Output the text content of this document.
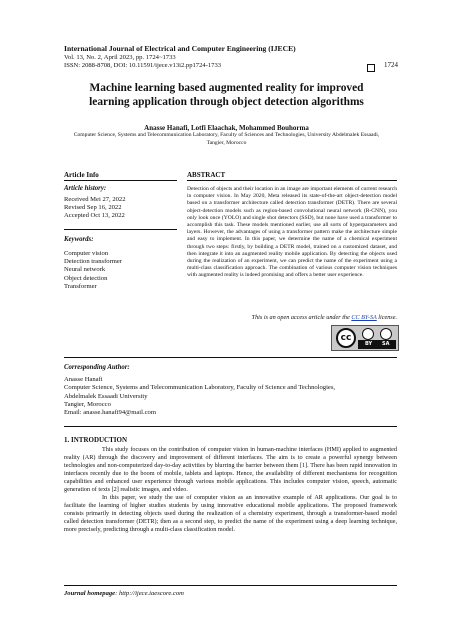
International Journal of Electrical and Computer Engineering (IJECE)
Vol. 13, No. 2, April 2023, pp. 1724~1733
ISSN: 2088-8708, DOI: 10.11591/ijece.v13i2.pp1724-1733	1724
Machine learning based augmented reality for improved
learning application through object detection algorithms
Anasse Hanafi, Lotfi Elaachak, Mohammed Bouhorma
Computer Science, Systems and Telecommunication Laboratory, Faculty of Sciences and Technologies, University Abdelmalek Essaadi,
Tangier, Morocco
Article Info
Article history:
Received Mei 27, 2022
Revised Sep 16, 2022
Accepted Oct 13, 2022
Keywords:
Computer vision
Detection transformer
Neural network
Object detection
Transformer
ABSTRACT
Detection of objects and their location in an image are important elements of current research in computer vision. In May 2020, Meta released its state-of-the-art object-detection model based on a transformer architecture called detection transformer (DETR). There are several object-detection models such as region-based convolutional neural network (R-CNN), you only look once (YOLO) and single shot detectors (SSD), but none have used a transformer to accomplish this task. These models mentioned earlier, use all sorts of hyperparameters and layers. However, the advantages of using a transformer pattern make the architecture simple and easy to implement. In this paper, we determine the name of a chemical experiment through two steps: firstly, by building a DETR model, trained on a customized dataset, and then integrate it into an augmented reality mobile application. By detecting the objects used during the realization of an experiment, we can predict the name of the experiment using a multi-class classification approach. The combination of various computer vision techniques with augmented reality is indeed promising and offers a better user experience.
This is an open access article under the CC BY-SA license.
cc
BY SA
Corresponding Author:
Anasse Hanafi
Computer Science, Systems and Telecommunication Laboratory, Faculty of Science and Technologies,
Abdelmalek Essaadi University
Tangier, Morocco
Email: anasse.hanafi94@mail.com
1. INTRODUCTION

This study focuses on the contribution of computer vision in human-machine interfaces (HMI) applied to augmented reality (AR) through the discovery and improvement of different interfaces. The aim is to create a powerful synergy between technologies and non-computerized day-to-day activities by blurring the barrier between them [1]. There has been rapid innovation in interfaces recently due to the boom of mobile, tablets and laptops. Hence, the availability of different mechanisms for recognition capabilities and enhanced user experience through various mobile applications. This includes computer vision, speech, automatic generation of texts [2] realistic images, and video.

In this paper, we study the use of computer vision as an innovative example of AR applications. Our goal is to facilitate the learning of higher studies students by using innovative educational mobile applications. The proposed framework consists primarily in detecting objects used during the realization of a chemistry experiment, through a transformer-based model called detection transformer (DETR); then as a second step, to predict the name of the experiment using a deep learning technique, more precisely, predicting through a multi-class classification model.

Journal homepage: http://ijece.iaescore.com
